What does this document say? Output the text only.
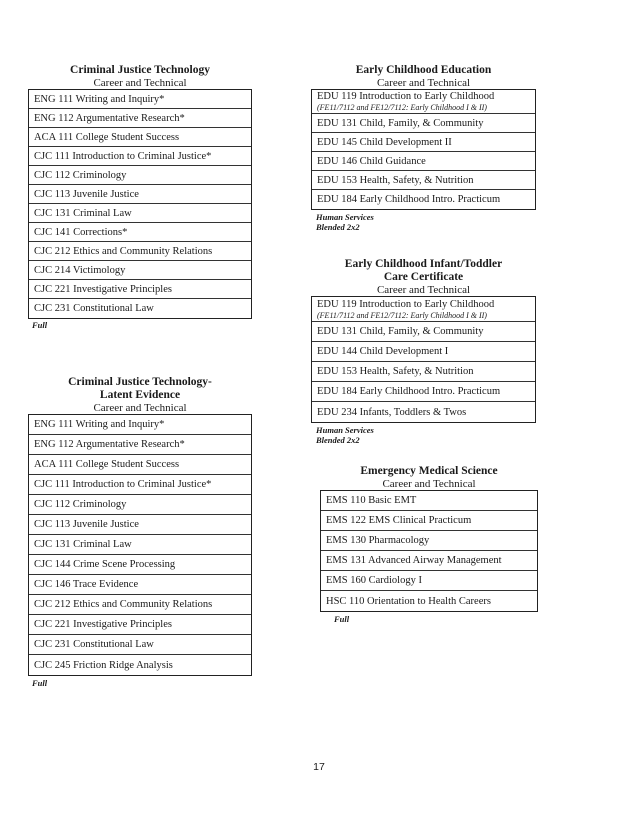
Criminal Justice Technology
Career and Technical
ENG 111 Writing and Inquiry*
ENG 112 Argumentative Research*
ACA 111 College Student Success
CJC 111 Introduction to Criminal Justice*
CJC 112 Criminology
CJC 113 Juvenile Justice
CJC 131 Criminal Law
CJC 141 Corrections*
CJC 212 Ethics and Community Relations
CJC 214 Victimology
CJC 221 Investigative Principles
CJC 231 Constitutional Law
Full
Criminal Justice Technology-
Latent Evidence
Career and Technical
ENG 111 Writing and Inquiry*
ENG 112 Argumentative Research*
ACA 111 College Student Success
CJC 111 Introduction to Criminal Justice*
CJC 112 Criminology
CJC 113 Juvenile Justice
CJC 131 Criminal Law
CJC 144 Crime Scene Processing
CJC 146 Trace Evidence
CJC 212 Ethics and Community Relations
CJC 221 Investigative Principles
CJC 231 Constitutional Law
CJC 245 Friction Ridge Analysis
Full
Early Childhood Education
Career and Technical
EDU 119 Introduction to Early Childhood
(FE11/7112 and FE12/7112: Early Childhood I & II)
EDU 131 Child, Family, & Community
EDU 145 Child Development II
EDU 146 Child Guidance
EDU 153 Health, Safety, & Nutrition
EDU 184 Early Childhood Intro. Practicum
Human Services
Blended 2x2
Early Childhood Infant/Toddler
Care Certificate
Career and Technical
EDU 119 Introduction to Early Childhood
(FE11/7112 and FE12/7112: Early Childhood I & II)
EDU 131 Child, Family, & Community
EDU 144 Child Development I
EDU 153 Health, Safety, & Nutrition
EDU 184 Early Childhood Intro. Practicum
EDU 234 Infants, Toddlers & Twos
Human Services
Blended 2x2
Emergency Medical Science
Career and Technical
EMS 110 Basic EMT
EMS 122 EMS Clinical Practicum
EMS 130 Pharmacology
EMS 131 Advanced Airway Management
EMS 160 Cardiology I
HSC 110 Orientation to Health Careers
Full
17
